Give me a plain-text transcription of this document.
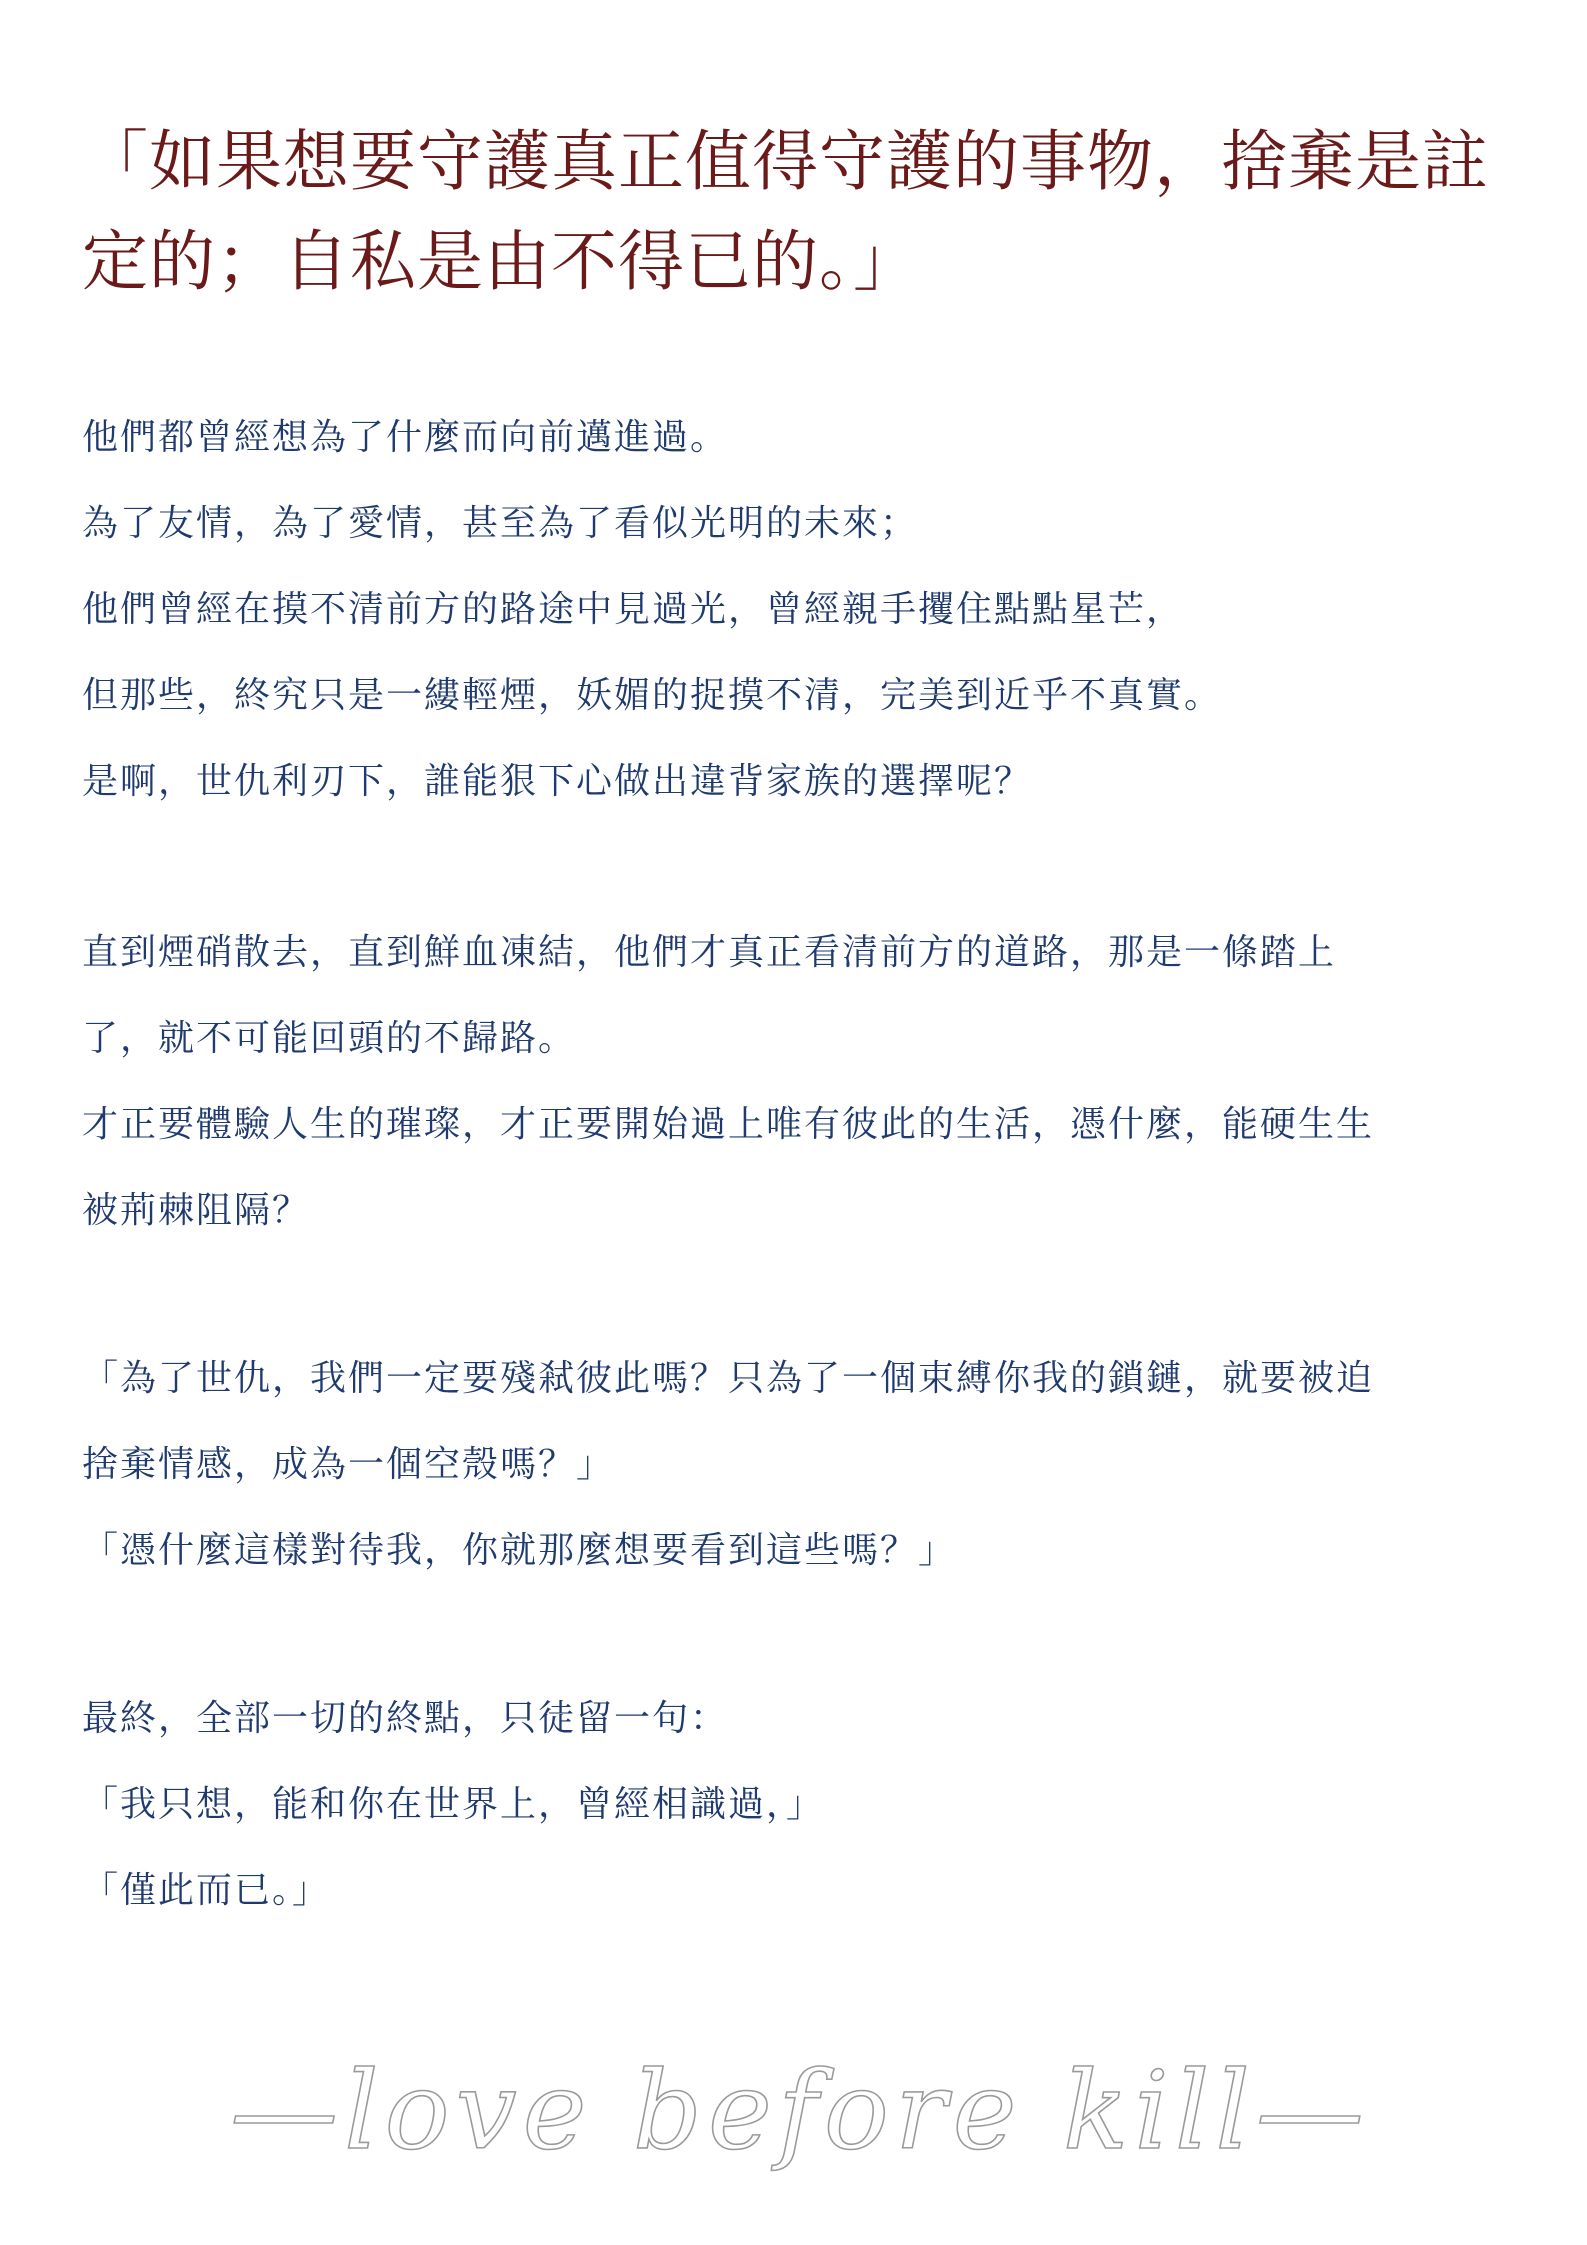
「如果想要守護真正值得守護的事物，捨棄是註
定的；自私是由不得已的。」
他們都曾經想為了什麼而向前邁進過。
為了友情，為了愛情，甚至為了看似光明的未來；
他們曾經在摸不清前方的路途中見過光，曾經親手攫住點點星芒，
但那些，終究只是一縷輕煙，妖媚的捉摸不清，完美到近乎不真實。
是啊，世仇利刃下，誰能狠下心做出違背家族的選擇呢？
直到煙硝散去，直到鮮血凍結，他們才真正看清前方的道路，那是一條踏上
了，就不可能回頭的不歸路。
才正要體驗人生的璀璨，才正要開始過上唯有彼此的生活，憑什麼，能硬生生
被荊棘阻隔？
「為了世仇，我們一定要殘弒彼此嗎？只為了一個束縛你我的鎖鏈，就要被迫
捨棄情感，成為一個空殼嗎？」
「憑什麼這樣對待我，你就那麼想要看到這些嗎？」
最終，全部一切的終點，只徒留一句：
「我只想，能和你在世界上，曾經相識過，」
「僅此而已。」
—love before kill—
